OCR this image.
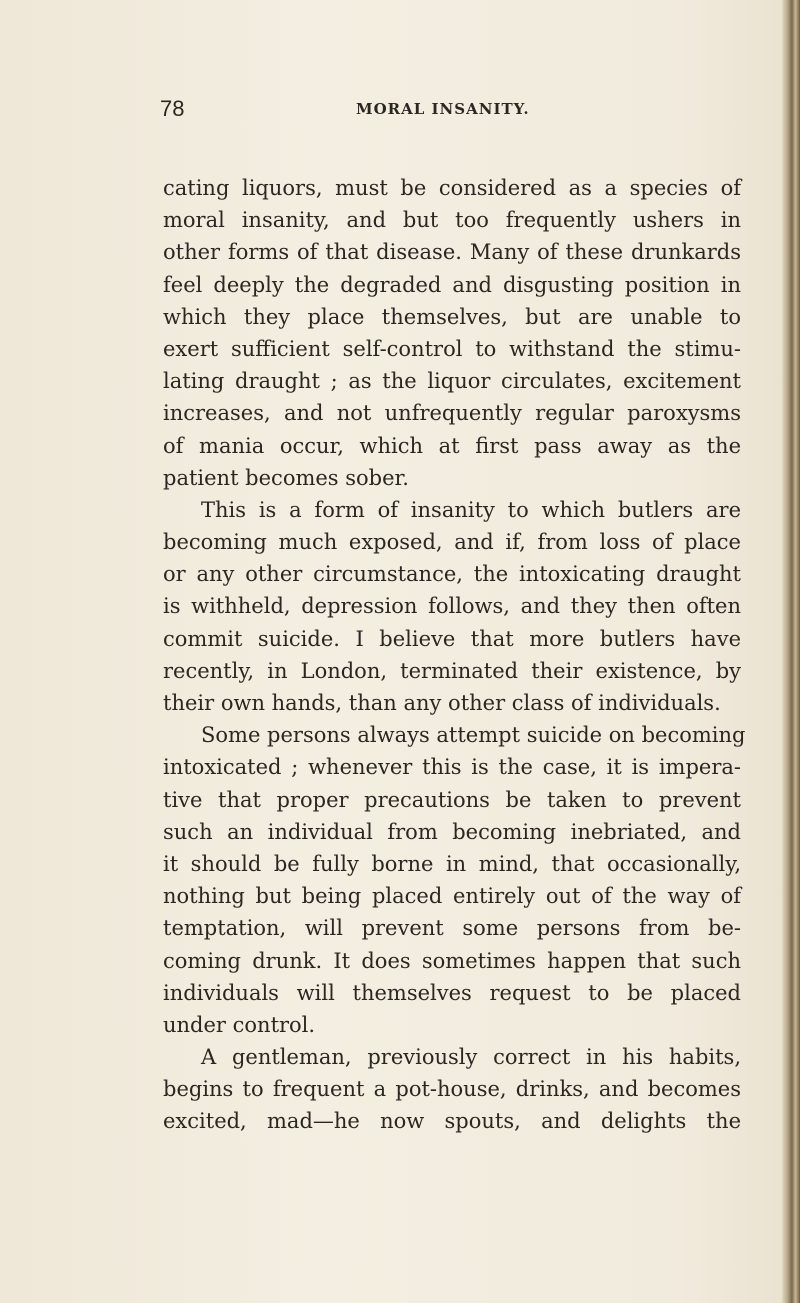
78	MORAL INSANITY.
cating liquors, must be considered as a species of
moral insanity, and but too frequently ushers in
other forms of that disease. Many of these drunkards
feel deeply the degraded and disgusting position in
which they place themselves, but are unable to
exert sufficient self-control to withstand the stimu-
lating draught ; as the liquor circulates, excitement
increases, and not unfrequently regular paroxysms
of mania occur, which at first pass away as the
patient becomes sober.
This is a form of insanity to which butlers are
becoming much exposed, and if, from loss of place
or any other circumstance, the intoxicating draught
is withheld, depression follows, and they then often
commit suicide. I believe that more butlers have
recently, in London, terminated their existence, by
their own hands, than any other class of individuals.
Some persons always attempt suicide on becoming
intoxicated ; whenever this is the case, it is impera-
tive that proper precautions be taken to prevent
such an individual from becoming inebriated, and
it should be fully borne in mind, that occasionally,
nothing but being placed entirely out of the way of
temptation, will prevent some persons from be-
coming drunk. It does sometimes happen that such
individuals will themselves request to be placed
under control.
A gentleman, previously correct in his habits,
begins to frequent a pot-house, drinks, and becomes
excited, mad—he now spouts, and delights the
